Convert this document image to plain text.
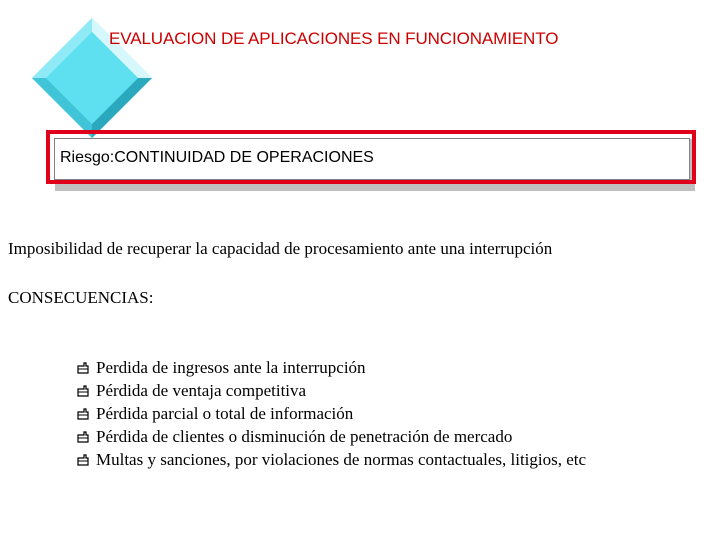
EVALUACION DE APLICACIONES EN FUNCIONAMIENTO
Riesgo:CONTINUIDAD DE OPERACIONES
Imposibilidad de recuperar la capacidad de procesamiento ante una interrupción
CONSECUENCIAS:
Perdida de ingresos ante la interrupción
Pérdida de ventaja competitiva
Pérdida parcial o total de información
Pérdida de clientes o disminución de penetración de mercado
Multas y sanciones, por violaciones de normas contactuales, litigios, etc
